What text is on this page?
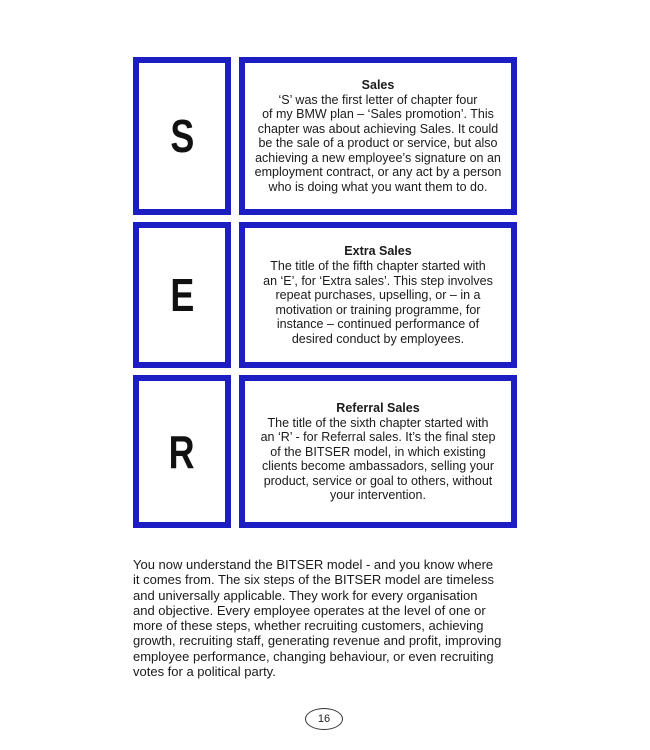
S
Sales
‘S’ was the first letter of chapter four
of my BMW plan – ‘Sales promotion’. This
chapter was about achieving Sales. It could
be the sale of a product or service, but also
achieving a new employee’s signature on an
employment contract, or any act by a person
who is doing what you want them to do.
E
Extra Sales
The title of the fifth chapter started with
an ‘E’, for ‘Extra sales’. This step involves
repeat purchases, upselling, or – in a
motivation or training programme, for
instance – continued performance of
desired conduct by employees.
R
Referral Sales
The title of the sixth chapter started with
an ‘R’ - for Referral sales. It’s the final step
of the BITSER model, in which existing
clients become ambassadors, selling your
product, service or goal to others, without
your intervention.
You now understand the BITSER model - and you know where
it comes from. The six steps of the BITSER model are timeless
and universally applicable. They work for every organisation
and objective. Every employee operates at the level of one or
more of these steps, whether recruiting customers, achieving
growth, recruiting staff, generating revenue and profit, improving
employee performance, changing behaviour, or even recruiting
votes for a political party.
16
